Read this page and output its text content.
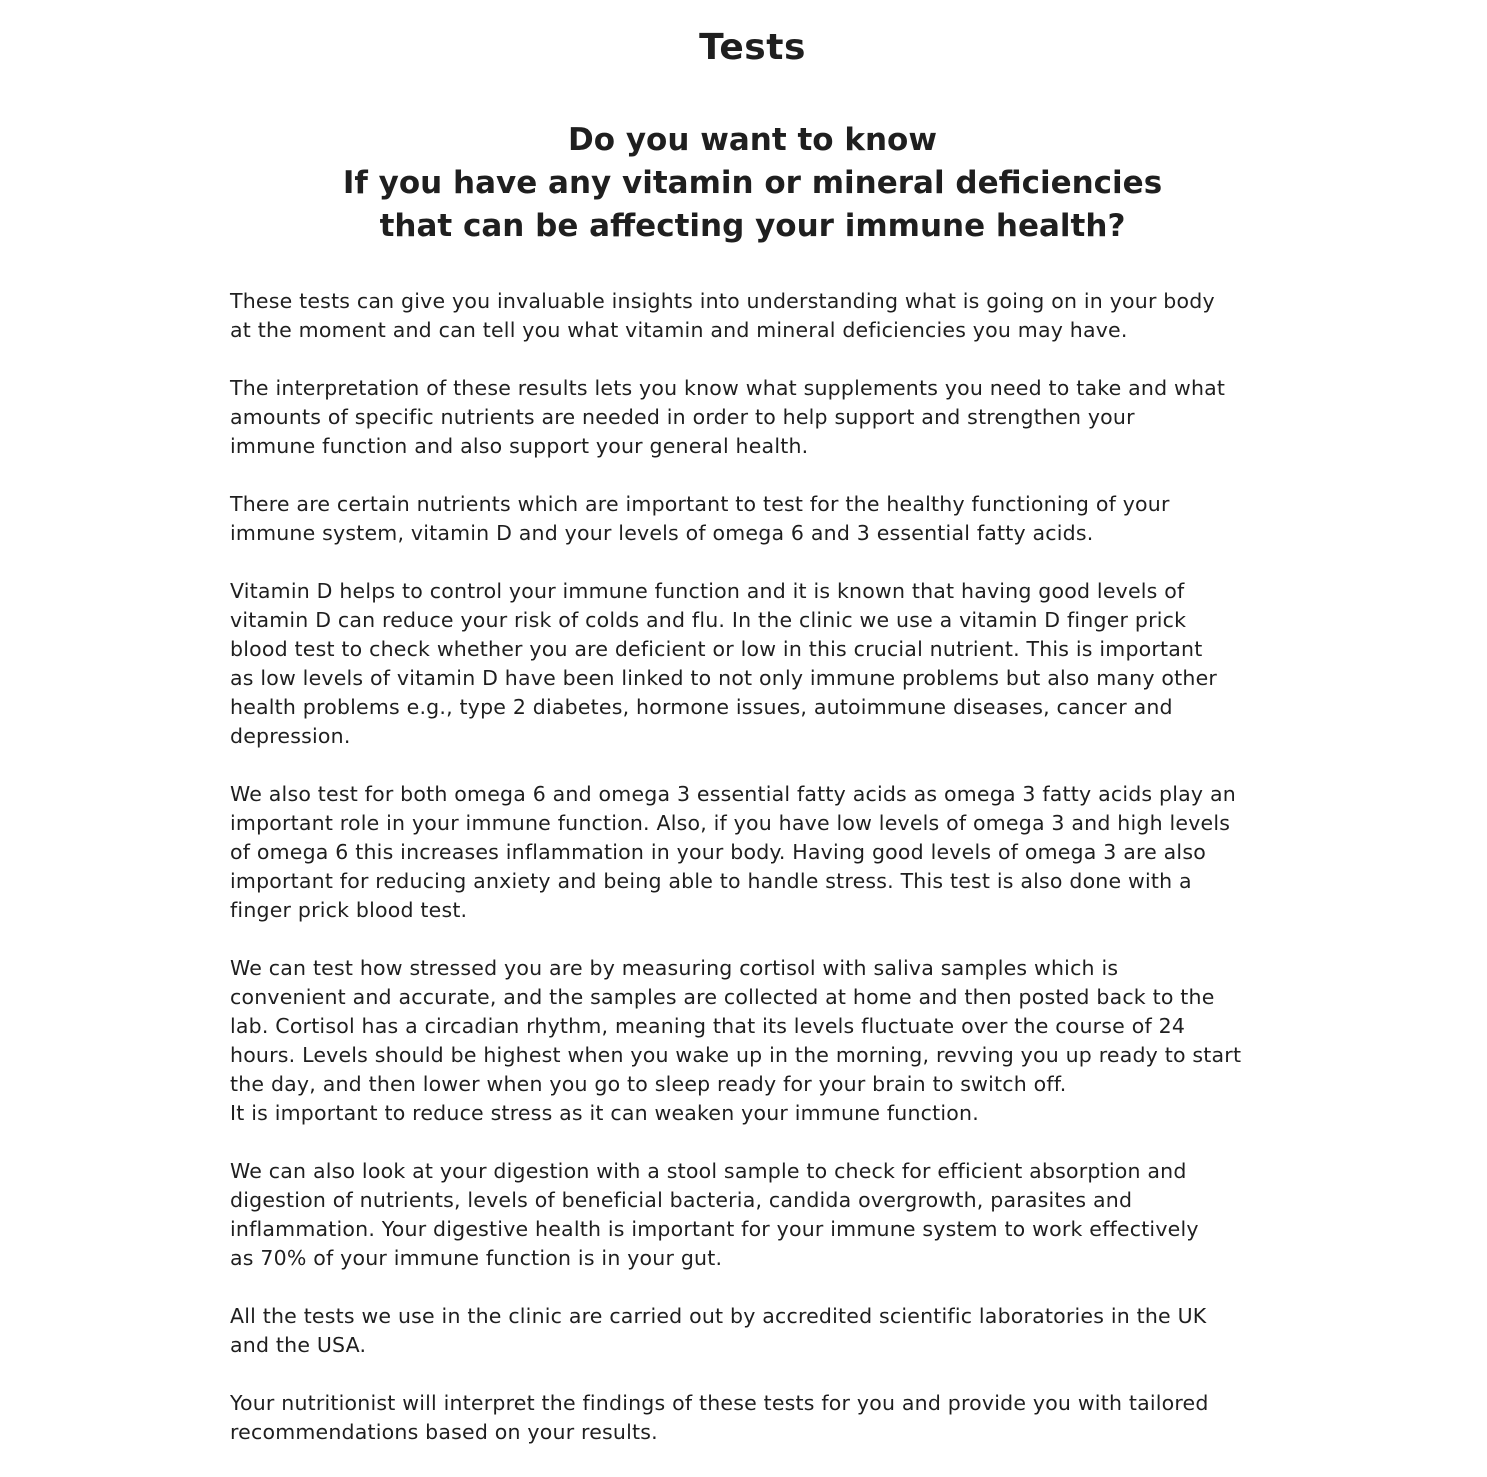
Tests
Do you want to know
If you have any vitamin or mineral deficiencies
that can be affecting your immune health?

These tests can give you invaluable insights into understanding what is going on in your body
at the moment and can tell you what vitamin and mineral deficiencies you may have.

The interpretation of these results lets you know what supplements you need to take and what
amounts of specific nutrients are needed in order to help support and strengthen your
immune function and also support your general health.

There are certain nutrients which are important to test for the healthy functioning of your
immune system, vitamin D and your levels of omega 6 and 3 essential fatty acids.

Vitamin D helps to control your immune function and it is known that having good levels of
vitamin D can reduce your risk of colds and flu. In the clinic we use a vitamin D finger prick
blood test to check whether you are deficient or low in this crucial nutrient. This is important
as low levels of vitamin D have been linked to not only immune problems but also many other
health problems e.g., type 2 diabetes, hormone issues, autoimmune diseases, cancer and
depression.

We also test for both omega 6 and omega 3 essential fatty acids as omega 3 fatty acids play an
important role in your immune function. Also, if you have low levels of omega 3 and high levels
of omega 6 this increases inflammation in your body. Having good levels of omega 3 are also
important for reducing anxiety and being able to handle stress. This test is also done with a
finger prick blood test.

We can test how stressed you are by measuring cortisol with saliva samples which is
convenient and accurate, and the samples are collected at home and then posted back to the
lab. Cortisol has a circadian rhythm, meaning that its levels fluctuate over the course of 24
hours. Levels should be highest when you wake up in the morning, revving you up ready to start
the day, and then lower when you go to sleep ready for your brain to switch off.
It is important to reduce stress as it can weaken your immune function.

We can also look at your digestion with a stool sample to check for efficient absorption and
digestion of nutrients, levels of beneficial bacteria, candida overgrowth, parasites and
inflammation. Your digestive health is important for your immune system to work effectively
as 70% of your immune function is in your gut.

All the tests we use in the clinic are carried out by accredited scientific laboratories in the UK
and the USA.

Your nutritionist will interpret the findings of these tests for you and provide you with tailored
recommendations based on your results.
